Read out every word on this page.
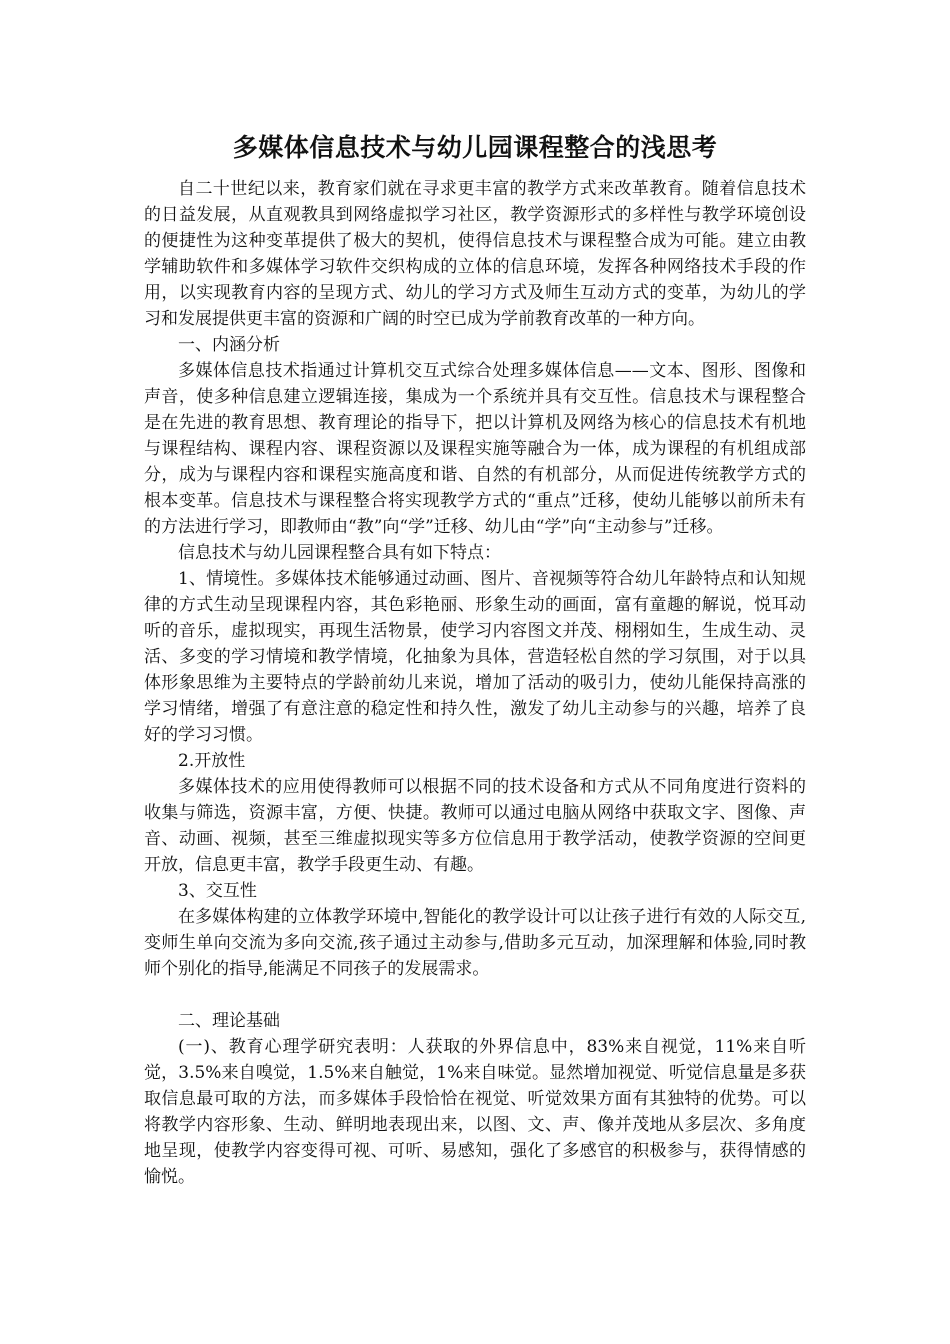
多媒体信息技术与幼儿园课程整合的浅思考

自二十世纪以来，教育家们就在寻求更丰富的教学方式来改革教育。随着信息技术的日益发展，从直观教具到网络虚拟学习社区，教学资源形式的多样性与教学环境创设的便捷性为这种变革提供了极大的契机，使得信息技术与课程整合成为可能。建立由教学辅助软件和多媒体学习软件交织构成的立体的信息环境，发挥各种网络技术手段的作用，以实现教育内容的呈现方式、幼儿的学习方式及师生互动方式的变革，为幼儿的学习和发展提供更丰富的资源和广阔的时空已成为学前教育改革的一种方向。

一、内涵分析

多媒体信息技术指通过计算机交互式综合处理多媒体信息——文本、图形、图像和声音，使多种信息建立逻辑连接，集成为一个系统并具有交互性。信息技术与课程整合是在先进的教育思想、教育理论的指导下，把以计算机及网络为核心的信息技术有机地与课程结构、课程内容、课程资源以及课程实施等融合为一体，成为课程的有机组成部分，成为与课程内容和课程实施高度和谐、自然的有机部分，从而促进传统教学方式的根本变革。信息技术与课程整合将实现教学方式的“重点”迁移，使幼儿能够以前所未有的方法进行学习，即教师由“教”向“学”迁移、幼儿由“学”向“主动参与”迁移。

信息技术与幼儿园课程整合具有如下特点：

1、情境性。多媒体技术能够通过动画、图片、音视频等符合幼儿年龄特点和认知规律的方式生动呈现课程内容，其色彩艳丽、形象生动的画面，富有童趣的解说，悦耳动听的音乐，虚拟现实，再现生活物景，使学习内容图文并茂、栩栩如生，生成生动、灵活、多变的学习情境和教学情境，化抽象为具体，营造轻松自然的学习氛围，对于以具体形象思维为主要特点的学龄前幼儿来说，增加了活动的吸引力，使幼儿能保持高涨的学习情绪，增强了有意注意的稳定性和持久性，激发了幼儿主动参与的兴趣，培养了良好的学习习惯。

2.开放性

多媒体技术的应用使得教师可以根据不同的技术设备和方式从不同角度进行资料的收集与筛选，资源丰富，方便、快捷。教师可以通过电脑从网络中获取文字、图像、声音、动画、视频，甚至三维虚拟现实等多方位信息用于教学活动，使教学资源的空间更开放，信息更丰富，教学手段更生动、有趣。

3、交互性

在多媒体构建的立体教学环境中,智能化的教学设计可以让孩子进行有效的人际交互,变师生单向交流为多向交流,孩子通过主动参与,借助多元互动，加深理解和体验,同时教师个别化的指导,能满足不同孩子的发展需求。

二、理论基础

(一)、教育心理学研究表明：人获取的外界信息中，83%来自视觉，11%来自听觉，3.5%来自嗅觉，1.5%来自触觉，1%来自味觉。显然增加视觉、听觉信息量是多获取信息最可取的方法，而多媒体手段恰恰在视觉、听觉效果方面有其独特的优势。可以将教学内容形象、生动、鲜明地表现出来，以图、文、声、像并茂地从多层次、多角度地呈现，使教学内容变得可视、可听、易感知，强化了多感官的积极参与，获得情感的愉悦。
